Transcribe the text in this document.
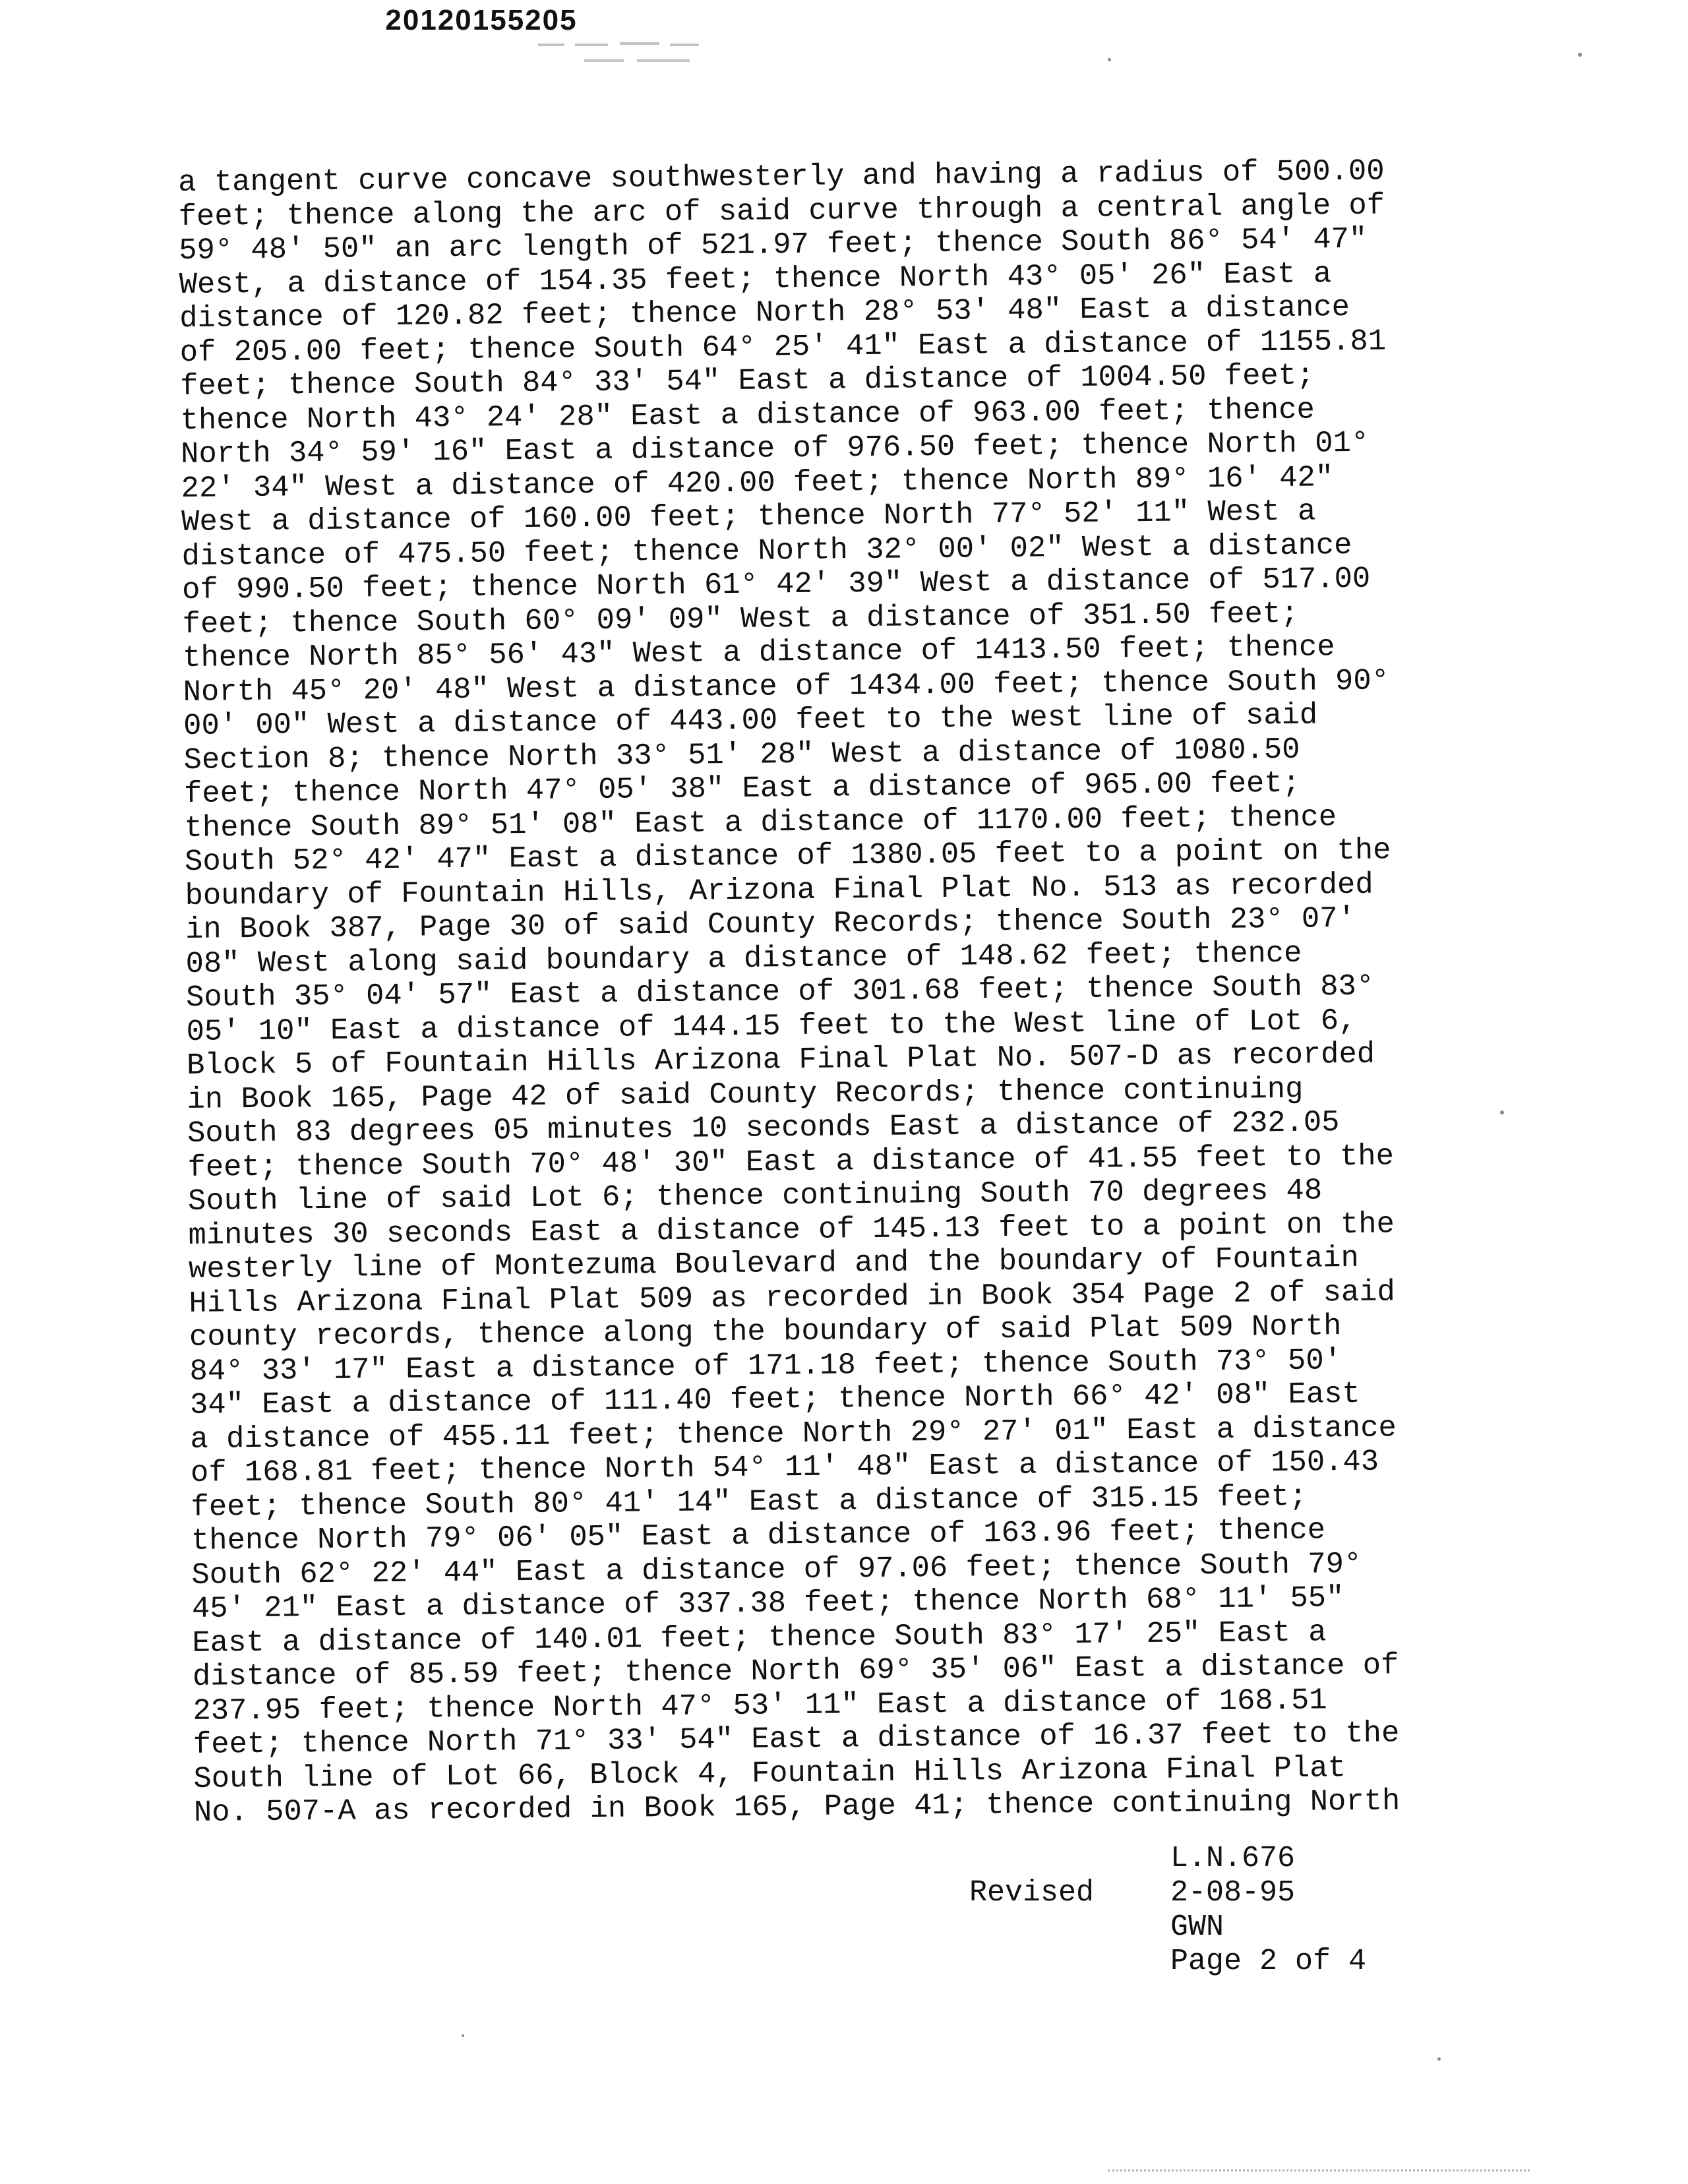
20120155205
a tangent curve concave southwesterly and having a radius of 500.00
feet; thence along the arc of said curve through a central angle of
59° 48′ 50" an arc length of 521.97 feet; thence South 86° 54′ 47"
West, a distance of 154.35 feet; thence North 43° 05′ 26" East a
distance of 120.82 feet; thence North 28° 53′ 48" East a distance
of 205.00 feet; thence South 64° 25′ 41" East a distance of 1155.81
feet; thence South 84° 33′ 54" East a distance of 1004.50 feet;
thence North 43° 24′ 28" East a distance of 963.00 feet; thence
North 34° 59′ 16" East a distance of 976.50 feet; thence North 01°
22′ 34" West a distance of 420.00 feet; thence North 89° 16′ 42"
West a distance of 160.00 feet; thence North 77° 52′ 11" West a
distance of 475.50 feet; thence North 32° 00′ 02" West a distance
of 990.50 feet; thence North 61° 42′ 39" West a distance of 517.00
feet; thence South 60° 09′ 09" West a distance of 351.50 feet;
thence North 85° 56′ 43" West a distance of 1413.50 feet; thence
North 45° 20′ 48" West a distance of 1434.00 feet; thence South 90°
00′ 00" West a distance of 443.00 feet to the west line of said
Section 8; thence North 33° 51′ 28" West a distance of 1080.50
feet; thence North 47° 05′ 38" East a distance of 965.00 feet;
thence South 89° 51′ 08" East a distance of 1170.00 feet; thence
South 52° 42′ 47" East a distance of 1380.05 feet to a point on the
boundary of Fountain Hills, Arizona Final Plat No. 513 as recorded
in Book 387, Page 30 of said County Records; thence South 23° 07′
08" West along said boundary a distance of 148.62 feet; thence
South 35° 04′ 57" East a distance of 301.68 feet; thence South 83°
05′ 10" East a distance of 144.15 feet to the West line of Lot 6,
Block 5 of Fountain Hills Arizona Final Plat No. 507-D as recorded
in Book 165, Page 42 of said County Records; thence continuing
South 83 degrees 05 minutes 10 seconds East a distance of 232.05
feet; thence South 70° 48′ 30" East a distance of 41.55 feet to the
South line of said Lot 6; thence continuing South 70 degrees 48
minutes 30 seconds East a distance of 145.13 feet to a point on the
westerly line of Montezuma Boulevard and the boundary of Fountain
Hills Arizona Final Plat 509 as recorded in Book 354 Page 2 of said
county records, thence along the boundary of said Plat 509 North
84° 33′ 17" East a distance of 171.18 feet; thence South 73° 50′
34" East a distance of 111.40 feet; thence North 66° 42′ 08" East
a distance of 455.11 feet; thence North 29° 27′ 01" East a distance
of 168.81 feet; thence North 54° 11′ 48" East a distance of 150.43
feet; thence South 80° 41′ 14" East a distance of 315.15 feet;
thence North 79° 06′ 05" East a distance of 163.96 feet; thence
South 62° 22′ 44" East a distance of 97.06 feet; thence South 79°
45′ 21" East a distance of 337.38 feet; thence North 68° 11′ 55"
East a distance of 140.01 feet; thence South 83° 17′ 25" East a
distance of 85.59 feet; thence North 69° 35′ 06" East a distance of
237.95 feet; thence North 47° 53′ 11" East a distance of 168.51
feet; thence North 71° 33′ 54" East a distance of 16.37 feet to the
South line of Lot 66, Block 4, Fountain Hills Arizona Final Plat
No. 507-A as recorded in Book 165, Page 41; thence continuing North
L.N.676
Revised	2-08-95
GWN
Page 2 of 4
